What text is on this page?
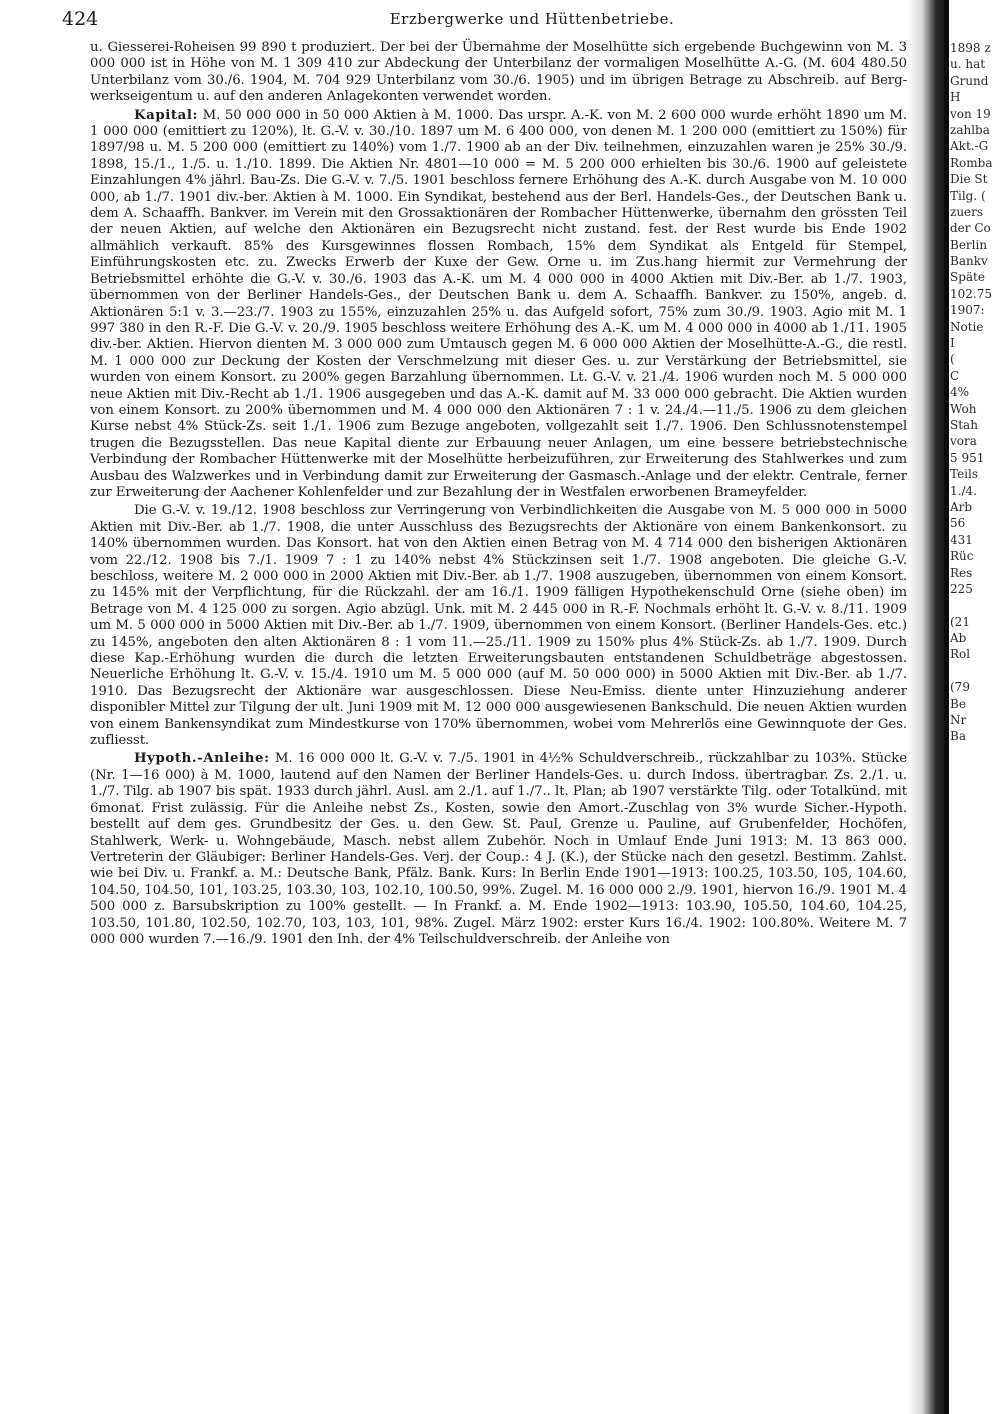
424	Erzbergwerke und Hüttenbetriebe.

u. Giesserei-Roheisen 99 890 t produziert. Der bei der Übernahme der Moselhütte sich ergebende Buchgewinn von M. 3 000 000 ist in Höhe von M. 1 309 410 zur Abdeckung der Unterbilanz der vormaligen Moselhütte A.-G. (M. 604 480.50 Unterbilanz vom 30./6. 1904, M. 704 929 Unterbilanz vom 30./6. 1905) und im übrigen Betrage zu Abschreib. auf Berg-werkseigentum u. auf den anderen Anlagekonten verwendet worden.

Kapital: M. 50 000 000 in 50 000 Aktien à M. 1000. Das urspr. A.-K. von M. 2 600 000 wurde erhöht 1890 um M. 1 000 000 (emittiert zu 120%), lt. G.-V. v. 30./10. 1897 um M. 6 400 000, von denen M. 1 200 000 (emittiert zu 150%) für 1897/98 u. M. 5 200 000 (emittiert zu 140%) vom 1./7. 1900 ab an der Div. teilnehmen, einzuzahlen waren je 25% 30./9. 1898, 15./1., 1./5. u. 1./10. 1899. Die Aktien Nr. 4801—10 000 = M. 5 200 000 erhielten bis 30./6. 1900 auf geleistete Einzahlungen 4% jährl. Bau-Zs. Die G.-V. v. 7./5. 1901 beschloss fernere Erhöhung des A.-K. durch Ausgabe von M. 10 000 000, ab 1./7. 1901 div.-ber. Aktien à M. 1000. Ein Syndikat, bestehend aus der Berl. Handels-Ges., der Deutschen Bank u. dem A. Schaaffh. Bankver. im Verein mit den Grossaktionären der Rombacher Hüttenwerke, übernahm den grössten Teil der neuen Aktien, auf welche den Aktionären ein Bezugsrecht nicht zustand. fest. der Rest wurde bis Ende 1902 allmählich verkauft. 85% des Kursgewinnes flossen Rombach, 15% dem Syndikat als Entgeld für Stempel, Einführungskosten etc. zu. Zwecks Erwerb der Kuxe der Gew. Orne u. im Zus.hang hiermit zur Vermehrung der Betriebsmittel erhöhte die G.-V. v. 30./6. 1903 das A.-K. um M. 4 000 000 in 4000 Aktien mit Div.-Ber. ab 1./7. 1903, übernommen von der Berliner Handels-Ges., der Deutschen Bank u. dem A. Schaaffh. Bankver. zu 150%, angeb. d. Aktionären 5:1 v. 3.—23./7. 1903 zu 155%, einzuzahlen 25% u. das Aufgeld sofort, 75% zum 30./9. 1903. Agio mit M. 1 997 380 in den R.-F. Die G.-V. v. 20./9. 1905 beschloss weitere Erhöhung des A.-K. um M. 4 000 000 in 4000 ab 1./11. 1905 div.-ber. Aktien. Hiervon dienten M. 3 000 000 zum Umtausch gegen M. 6 000 000 Aktien der Moselhütte-A.-G., die restl. M. 1 000 000 zur Deckung der Kosten der Verschmelzung mit dieser Ges. u. zur Verstärkung der Betriebsmittel, sie wurden von einem Konsort. zu 200% gegen Barzahlung übernommen. Lt. G.-V. v. 21./4. 1906 wurden noch M. 5 000 000 neue Aktien mit Div.-Recht ab 1./1. 1906 ausgegeben und das A.-K. damit auf M. 33 000 000 gebracht. Die Aktien wurden von einem Konsort. zu 200% übernommen und M. 4 000 000 den Aktionären 7 : 1 v. 24./4.—11./5. 1906 zu dem gleichen Kurse nebst 4% Stück-Zs. seit 1./1. 1906 zum Bezuge angeboten, vollgezahlt seit 1./7. 1906. Den Schlussnotenstempel trugen die Bezugsstellen. Das neue Kapital diente zur Erbauung neuer Anlagen, um eine bessere betriebstechnische Verbindung der Rombacher Hüttenwerke mit der Moselhütte herbeizuführen, zur Erweiterung des Stahlwerkes und zum Ausbau des Walzwerkes und in Verbindung damit zur Erweiterung der Gasmasch.-Anlage und der elektr. Centrale, ferner zur Erweiterung der Aachener Kohlenfelder und zur Bezahlung der in Westfalen erworbenen Brameyfelder.

Die G.-V. v. 19./12. 1908 beschloss zur Verringerung von Verbindlichkeiten die Ausgabe von M. 5 000 000 in 5000 Aktien mit Div.-Ber. ab 1./7. 1908, die unter Ausschluss des Bezugsrechts der Aktionäre von einem Bankenkonsort. zu 140% übernommen wurden. Das Konsort. hat von den Aktien einen Betrag von M. 4 714 000 den bisherigen Aktionären vom 22./12. 1908 bis 7./1. 1909 7 : 1 zu 140% nebst 4% Stückzinsen seit 1./7. 1908 angeboten. Die gleiche G.-V. beschloss, weitere M. 2 000 000 in 2000 Aktien mit Div.-Ber. ab 1./7. 1908 auszugeben, übernommen von einem Konsort. zu 145% mit der Verpflichtung, für die Rückzahl. der am 16./1. 1909 fälligen Hypothekenschuld Orne (siehe oben) im Betrage von M. 4 125 000 zu sorgen. Agio abzügl. Unk. mit M. 2 445 000 in R.-F. Nochmals erhöht lt. G.-V. v. 8./11. 1909 um M. 5 000 000 in 5000 Aktien mit Div.-Ber. ab 1./7. 1909, übernommen von einem Konsort. (Berliner Handels-Ges. etc.) zu 145%, angeboten den alten Aktionären 8 : 1 vom 11.—25./11. 1909 zu 150% plus 4% Stück-Zs. ab 1./7. 1909. Durch diese Kap.-Erhöhung wurden die durch die letzten Erweiterungsbauten entstandenen Schuldbeträge abgestossen. Neuerliche Erhöhung lt. G.-V. v. 15./4. 1910 um M. 5 000 000 (auf M. 50 000 000) in 5000 Aktien mit Div.-Ber. ab 1./7. 1910. Das Bezugsrecht der Aktionäre war ausgeschlossen. Diese Neu-Emiss. diente unter Hinzuziehung anderer disponibler Mittel zur Tilgung der ult. Juni 1909 mit M. 12 000 000 ausgewiesenen Bankschuld. Die neuen Aktien wurden von einem Bankensyndikat zum Mindestkurse von 170% übernommen, wobei vom Mehrerlös eine Gewinnquote der Ges. zufliesst.

Hypoth.-Anleihe: M. 16 000 000 lt. G.-V. v. 7./5. 1901 in 4½% Schuldverschreib., rückzahlbar zu 103%. Stücke (Nr. 1—16 000) à M. 1000, lautend auf den Namen der Berliner Handels-Ges. u. durch Indoss. übertragbar. Zs. 2./1. u. 1./7. Tilg. ab 1907 bis spät. 1933 durch jährl. Ausl. am 2./1. auf 1./7.. lt. Plan; ab 1907 verstärkte Tilg. oder Totalkünd. mit 6monat. Frist zulässig. Für die Anleihe nebst Zs., Kosten, sowie den Amort.-Zuschlag von 3% wurde Sicher.-Hypoth. bestellt auf dem ges. Grundbesitz der Ges. u. den Gew. St. Paul, Grenze u. Pauline, auf Grubenfelder, Hochöfen, Stahlwerk, Werk- u. Wohngebäude, Masch. nebst allem Zubehör. Noch in Umlauf Ende Juni 1913: M. 13 863 000. Vertreterin der Gläubiger: Berliner Handels-Ges. Verj. der Coup.: 4 J. (K.), der Stücke nach den gesetzl. Bestimm. Zahlst. wie bei Div. u. Frankf. a. M.: Deutsche Bank, Pfälz. Bank. Kurs: In Berlin Ende 1901—1913: 100.25, 103.50, 105, 104.60, 104.50, 104.50, 101, 103.25, 103.30, 103, 102.10, 100.50, 99%. Zugel. M. 16 000 000 2./9. 1901, hiervon 16./9. 1901 M. 4 500 000 z. Barsubskription zu 100% gestellt. — In Frankf. a. M. Ende 1902—1913: 103.90, 105.50, 104.60, 104.25, 103.50, 101.80, 102.50, 102.70, 103, 103, 101, 98%. Zugel. März 1902: erster Kurs 16./4. 1902: 100.80%. Weitere M. 7 000 000 wurden 7.—16./9. 1901 den Inh. der 4% Teilschuldverschreib. der Anleihe von

1898 z
u. hat
Grund
H
von 19
zahlba
Akt.-G
Romba
Die St
Tilg. (
zuers
der Co
Berlin
Bankv
Späte
102.75
1907:
Notie
I
(
C
4%
Woh
Stah
vora
5 951
Teils
1./4.
Arb
56
431
Rüc
Res
225
(21
Ab
Rol
(79
Be
Nr
Ba
